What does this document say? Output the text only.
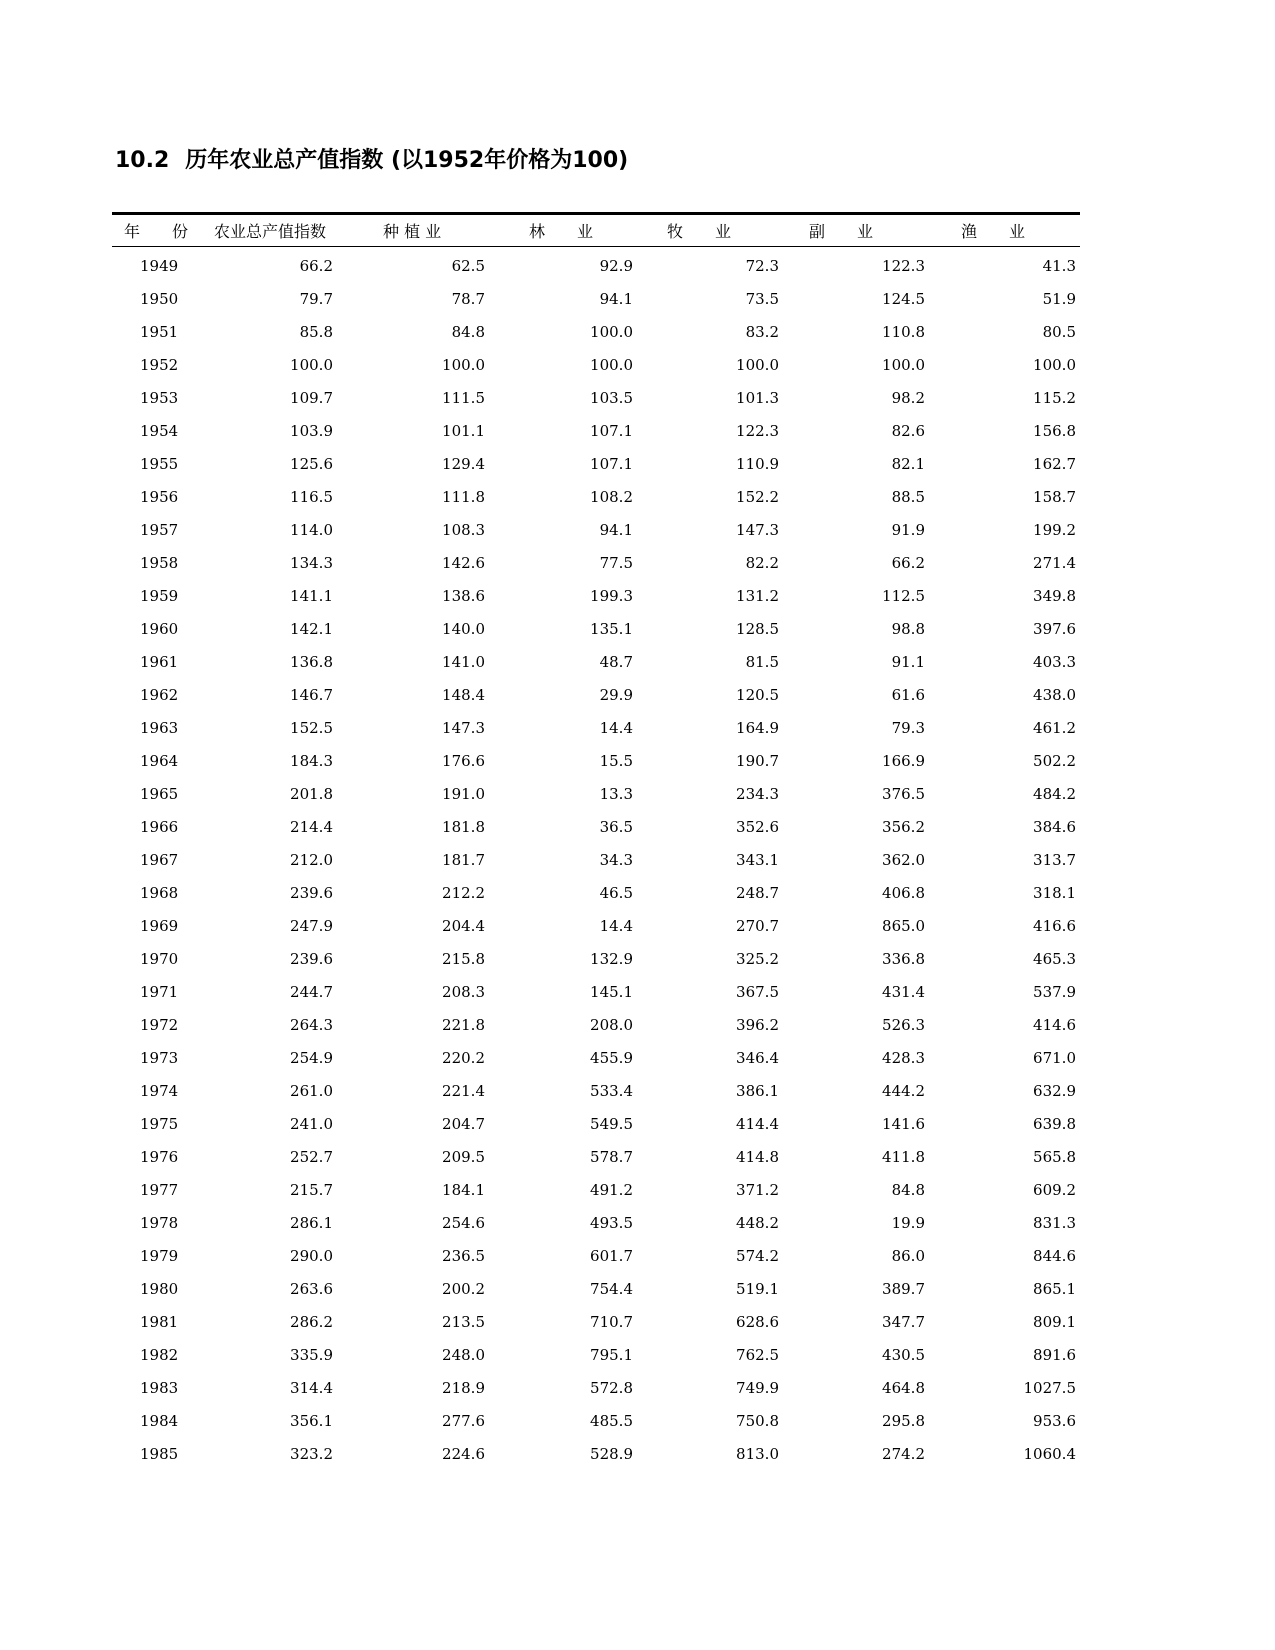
10.2 历年农业总产值指数 (以1952年价格为100)
年　　份	农业总产值指数	种 植 业	林　　业	牧　　业	副　　业	渔　　业

1949	66.2	62.5	92.9	72.3	122.3	41.3
1950	79.7	78.7	94.1	73.5	124.5	51.9
1951	85.8	84.8	100.0	83.2	110.8	80.5
1952	100.0	100.0	100.0	100.0	100.0	100.0
1953	109.7	111.5	103.5	101.3	98.2	115.2
1954	103.9	101.1	107.1	122.3	82.6	156.8
1955	125.6	129.4	107.1	110.9	82.1	162.7
1956	116.5	111.8	108.2	152.2	88.5	158.7
1957	114.0	108.3	94.1	147.3	91.9	199.2
1958	134.3	142.6	77.5	82.2	66.2	271.4
1959	141.1	138.6	199.3	131.2	112.5	349.8
1960	142.1	140.0	135.1	128.5	98.8	397.6
1961	136.8	141.0	48.7	81.5	91.1	403.3
1962	146.7	148.4	29.9	120.5	61.6	438.0
1963	152.5	147.3	14.4	164.9	79.3	461.2
1964	184.3	176.6	15.5	190.7	166.9	502.2
1965	201.8	191.0	13.3	234.3	376.5	484.2
1966	214.4	181.8	36.5	352.6	356.2	384.6
1967	212.0	181.7	34.3	343.1	362.0	313.7
1968	239.6	212.2	46.5	248.7	406.8	318.1
1969	247.9	204.4	14.4	270.7	865.0	416.6
1970	239.6	215.8	132.9	325.2	336.8	465.3
1971	244.7	208.3	145.1	367.5	431.4	537.9
1972	264.3	221.8	208.0	396.2	526.3	414.6
1973	254.9	220.2	455.9	346.4	428.3	671.0
1974	261.0	221.4	533.4	386.1	444.2	632.9
1975	241.0	204.7	549.5	414.4	141.6	639.8
1976	252.7	209.5	578.7	414.8	411.8	565.8
1977	215.7	184.1	491.2	371.2	84.8	609.2
1978	286.1	254.6	493.5	448.2	19.9	831.3
1979	290.0	236.5	601.7	574.2	86.0	844.6
1980	263.6	200.2	754.4	519.1	389.7	865.1
1981	286.2	213.5	710.7	628.6	347.7	809.1
1982	335.9	248.0	795.1	762.5	430.5	891.6
1983	314.4	218.9	572.8	749.9	464.8	1027.5
1984	356.1	277.6	485.5	750.8	295.8	953.6
1985	323.2	224.6	528.9	813.0	274.2	1060.4
